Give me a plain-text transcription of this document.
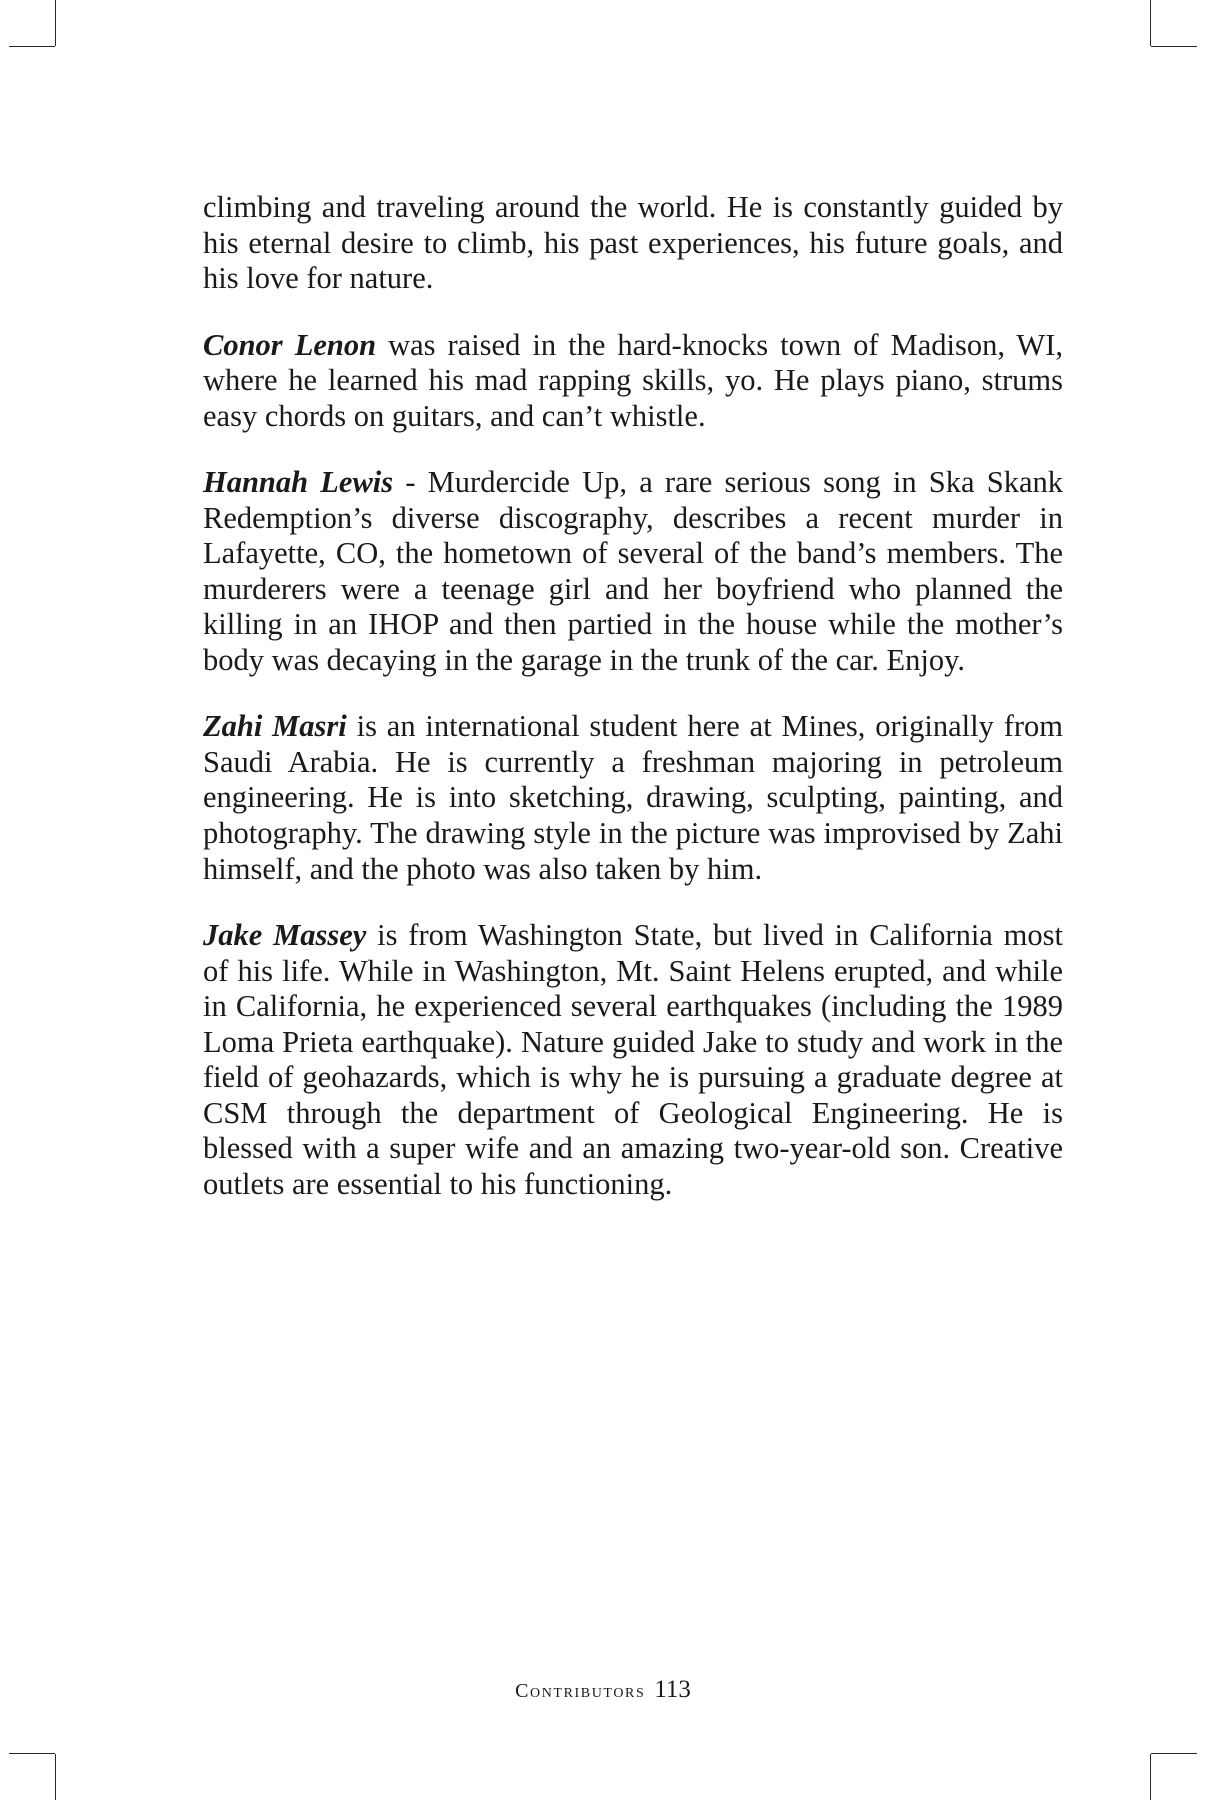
climbing and traveling around the world. He is constantly guided by his eternal desire to climb, his past experiences, his future goals, and his love for nature.

Conor Lenon was raised in the hard-knocks town of Madison, WI, where he learned his mad rapping skills, yo. He plays piano, strums easy chords on guitars, and can’t whistle.

Hannah Lewis - Murdercide Up, a rare serious song in Ska Skank Redemption’s diverse discography, describes a recent murder in Lafayette, CO, the hometown of several of the band’s members. The murderers were a teenage girl and her boyfriend who planned the killing in an IHOP and then partied in the house while the mother’s body was decaying in the garage in the trunk of the car. Enjoy.

Zahi Masri is an international student here at Mines, originally from Saudi Arabia. He is currently a freshman majoring in petroleum engineering. He is into sketching, drawing, sculpting, painting, and photography. The drawing style in the picture was improvised by Zahi himself, and the photo was also taken by him.

Jake Massey is from Washington State, but lived in California most of his life. While in Washington, Mt. Saint Helens erupted, and while in California, he experienced several earthquakes (including the 1989 Loma Prieta earthquake). Nature guided Jake to study and work in the field of geohazards, which is why he is pursuing a graduate degree at CSM through the department of Geological Engineering. He is blessed with a super wife and an amazing two-year-old son. Creative outlets are essential to his functioning.

Contributors 113
